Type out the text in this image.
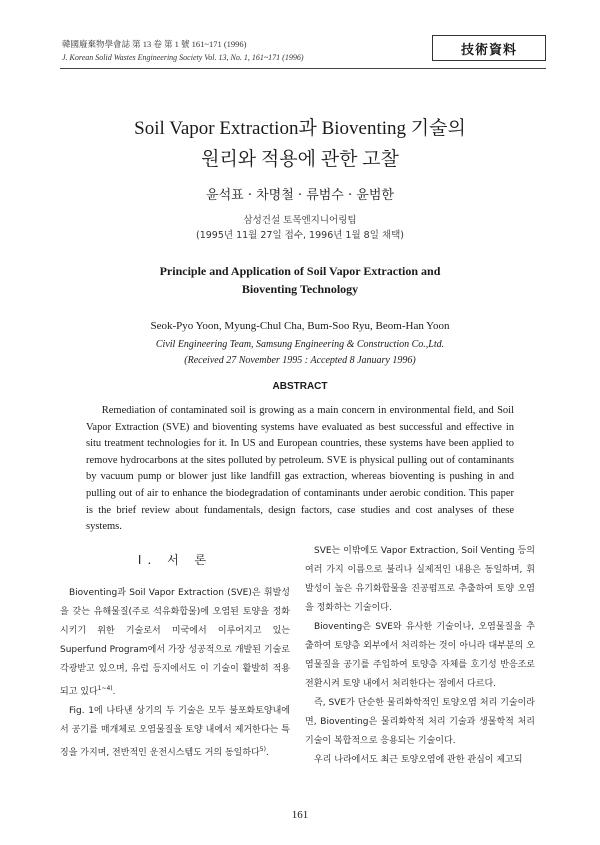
韓國廢棄物學會誌 第 13 卷 第 1 號 161~171 (1996)
J. Korean Solid Wastes Engineering Society Vol. 13, No. 1, 161~171 (1996)	技術資料
Soil Vapor Extraction과 Bioventing 기술의
원리와 적용에 관한 고찰
윤석표 · 차명철 · 류범수 · 윤범한
삼성건설 토목엔지니어링팀
(1995년 11월 27일 접수, 1996년 1월 8일 채택)
Principle and Application of Soil Vapor Extraction and
Bioventing Technology
Seok-Pyo Yoon, Myung-Chul Cha, Bum-Soo Ryu, Beom-Han Yoon
Civil Engineering Team, Samsung Engineering & Construction Co.,Ltd.
(Received 27 November 1995 : Accepted 8 January 1996)
ABSTRACT

Remediation of contaminated soil is growing as a main concern in environmental field, and Soil Vapor Extraction (SVE) and bioventing systems have evaluated as best successful and effective in situ treatment technologies for it. In US and European countries, these systems have been applied to remove hydrocarbons at the sites polluted by petroleum. SVE is physical pulling out of contaminants by vacuum pump or blower just like landfill gas extraction, whereas bioventing is pushing in and pulling out of air to enhance the biodegradation of contaminants under aerobic condition. This paper is the brief review about fundamentals, design factors, case studies and cost analyses of these systems.

Ⅰ. 서 론

Bioventing과 Soil Vapor Extraction (SVE)은 휘발성을 갖는 유해물질(주로 석유화합물)에 오염된 토양을 정화시키기 위한 기술로서 미국에서 이루어지고 있는 Superfund Program에서 가장 성공적으로 개발된 기술로 각광받고 있으며, 유럽 등지에서도 이 기술이 활발히 적용되고 있다$^{1\sim 4)}$.

Fig. 1에 나타낸 상기의 두 기술은 모두 불포화토양내에서 공기를 매개체로 오염물질을 토양 내에서 제거한다는 특징을 가지며, 전반적인 운전시스템도 거의 동일하다$^{5)}$.

SVE는 이밖에도 Vapor Extraction, Soil Venting 등의 여러 가지 이름으로 불리나 실제적인 내용은 동일하며, 휘발성이 높은 유기화합물을 진공펌프로 추출하여 토양 오염을 정화하는 기술이다.

Bioventing은 SVE와 유사한 기술이나, 오염물질을 추출하여 토양층 외부에서 처리하는 것이 아니라 대부분의 오염물질을 공기를 주입하여 토양층 자체를 호기성 반응조로 전환시켜 토양 내에서 처리한다는 점에서 다르다.

즉, SVE가 단순한 물리화학적인 토양오염 처리 기술이라면, Bioventing은 물리화학적 처리 기술과 생물학적 처리 기술이 복합적으로 응용되는 기술이다.

우리 나라에서도 최근 토양오염에 관한 관심이 제고되

161
